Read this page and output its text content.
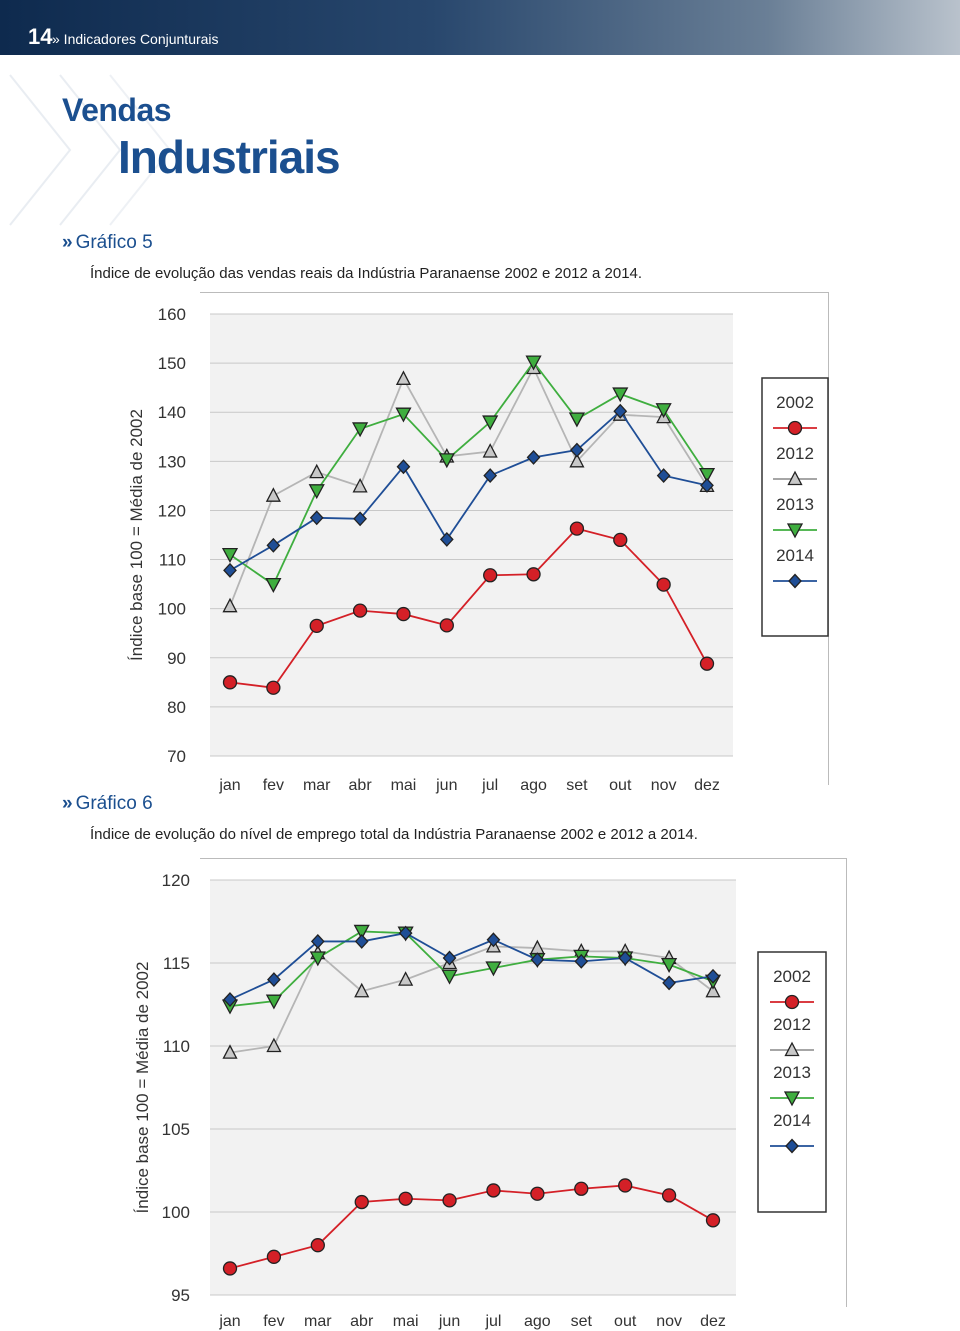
14 » Indicadores Conjunturais
Vendas
Industriais
» Gráfico 5
Índice de evolução das vendas reais da Indústria Paranaense 2002 e 2012 a 2014.
160
150
140
130
120
110
100
90
80
70
jan fev mar abr mai jun jul ago set out nov dez
Índice base 100 = Média de 2002
2002
2012
2013
2014
» Gráfico 6
Índice de evolução do nível de emprego total da Indústria Paranaense 2002 e 2012 a 2014.
120
115
110
105
100
95
jan fev mar abr mai jun jul ago set out nov dez
Índice base 100 = Média de 2002	2002
2012
2013
2014
